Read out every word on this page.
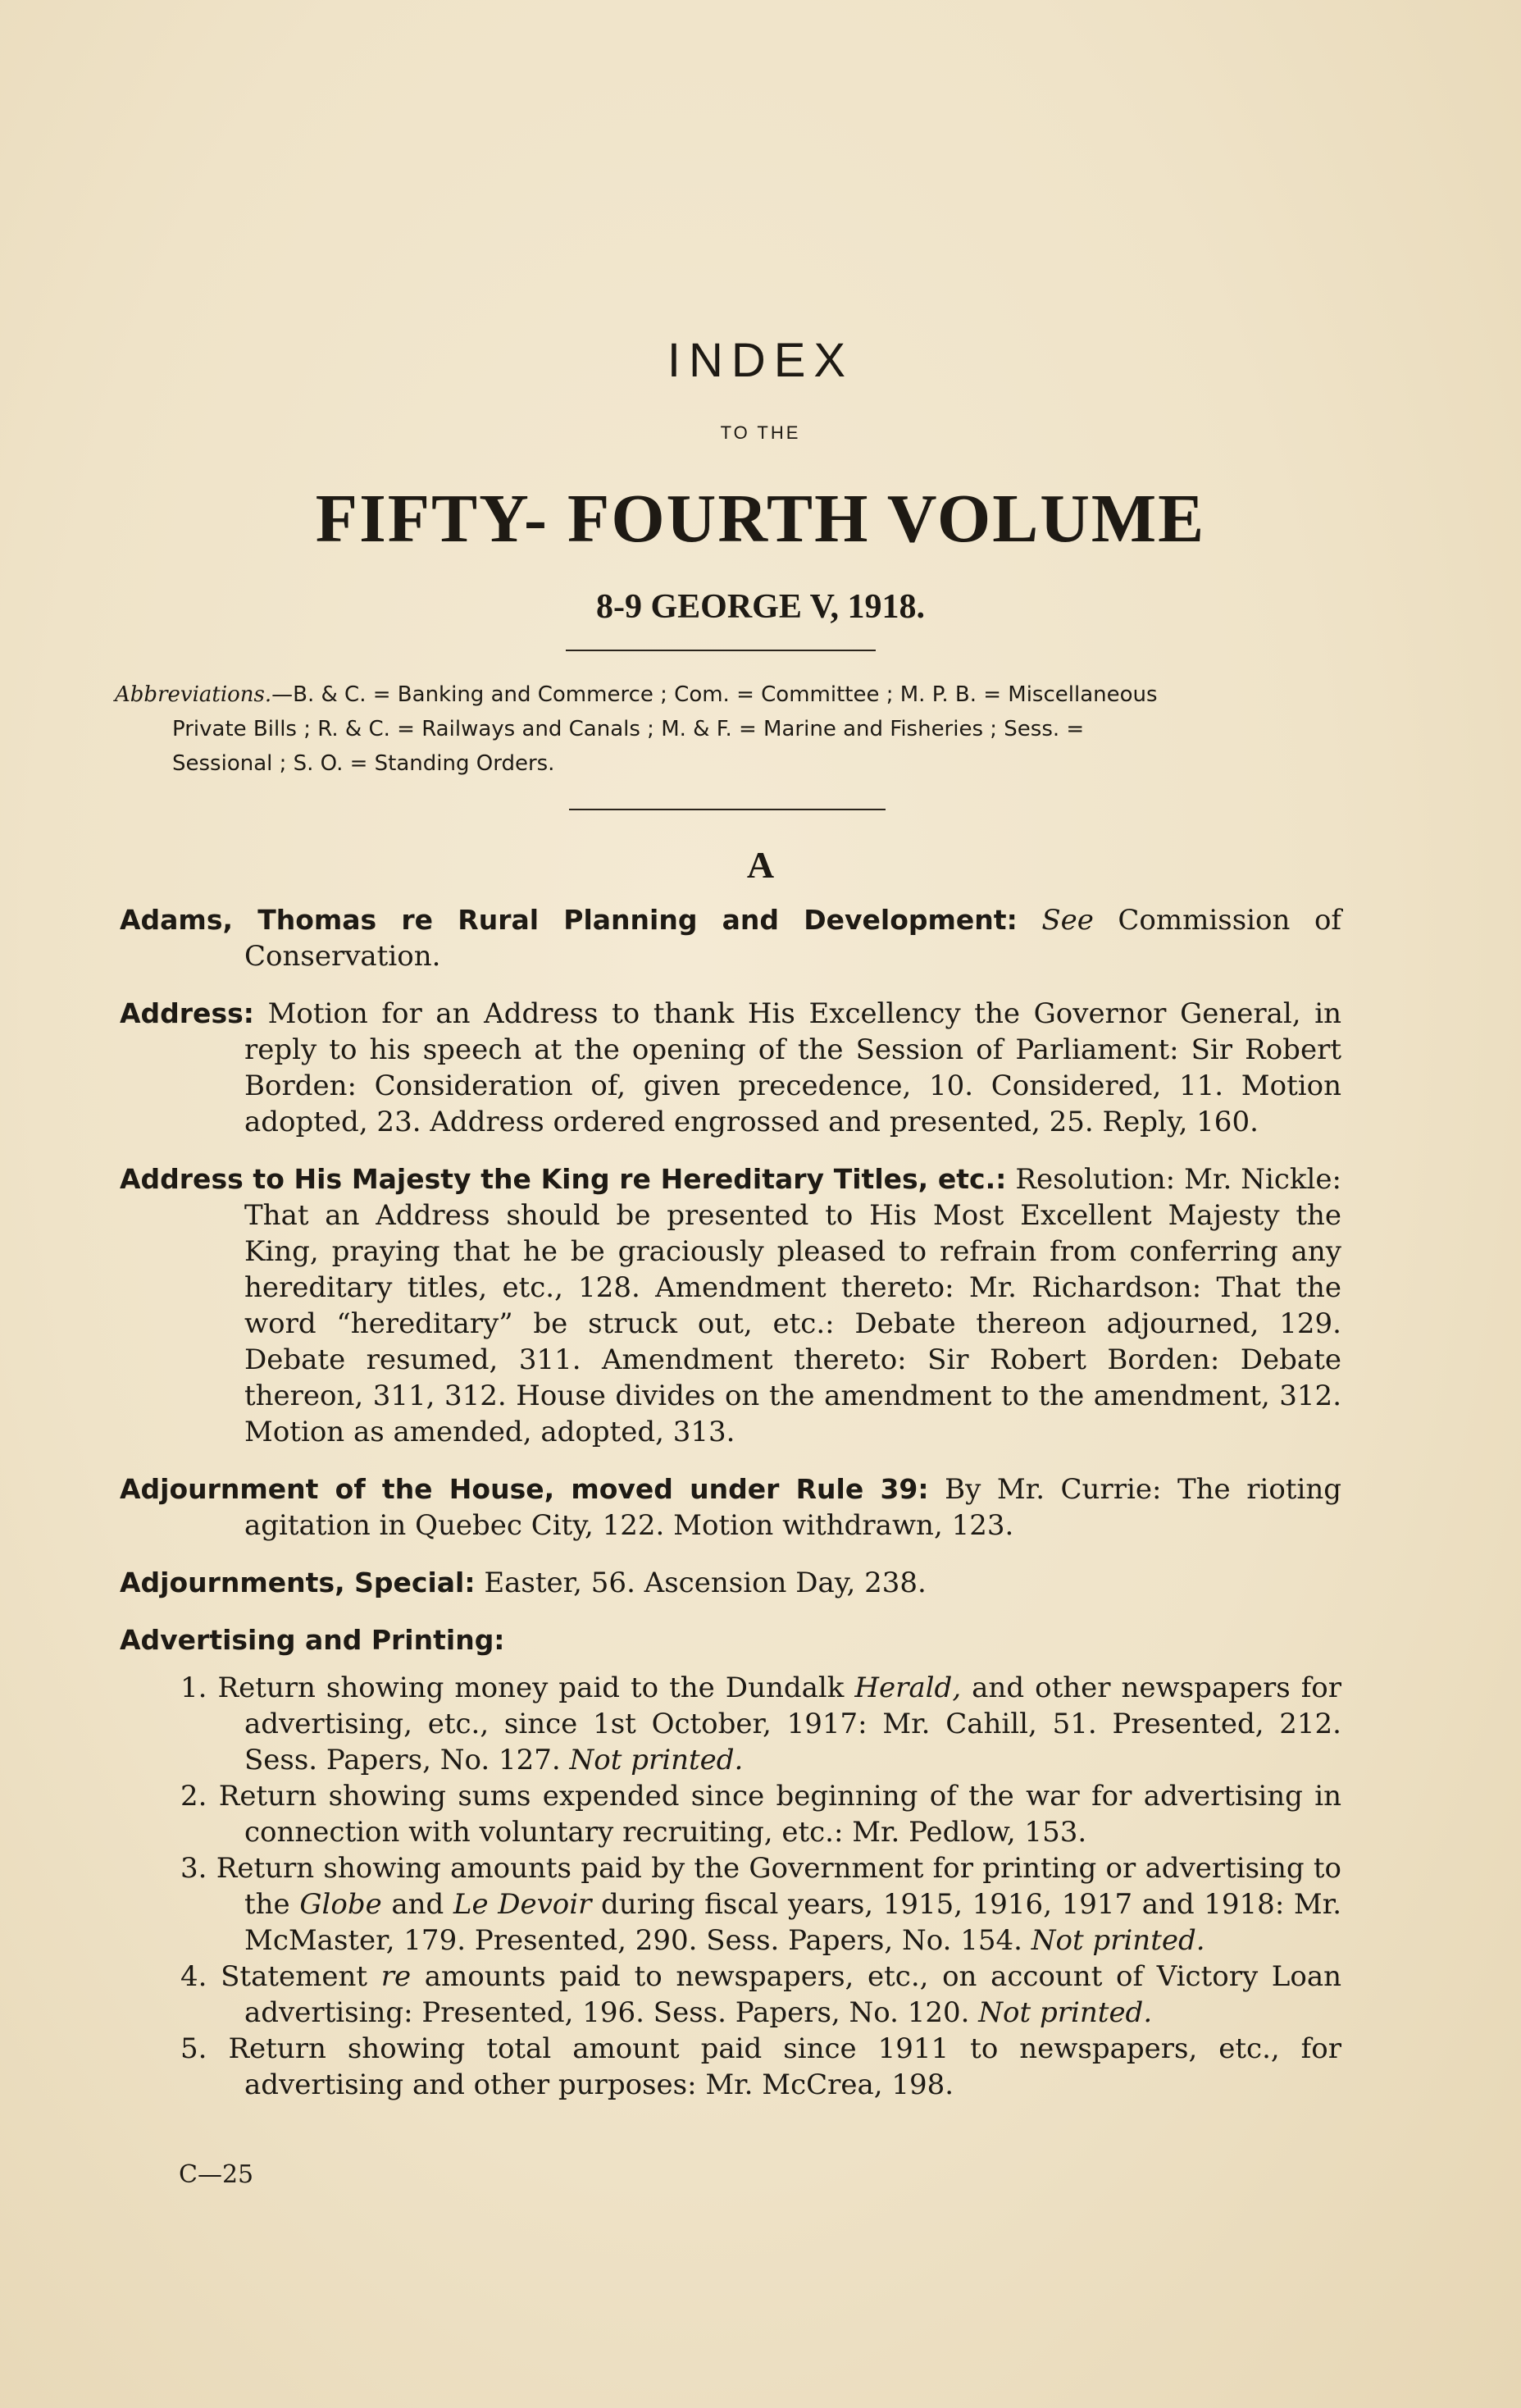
INDEX
TO THE
FIFTY- FOURTH VOLUME
8-9 GEORGE V, 1918.
Abbreviations.—B. & C. = Banking and Commerce ; Com. = Committee ; M. P. B. = Miscellaneous
Private Bills ; R. & C. = Railways and Canals ; M. & F. = Marine and Fisheries ; Sess. =
Sessional ; S. O. = Standing Orders.
A
Adams, Thomas re Rural Planning and Development: See Commission of Conservation.
Address: Motion for an Address to thank His Excellency the Governor General, in reply to his speech at the opening of the Session of Parliament: Sir Robert Borden: Consideration of, given precedence, 10. Considered, 11. Motion adopted, 23. Address ordered engrossed and presented, 25. Reply, 160.
Address to His Majesty the King re Hereditary Titles, etc.: Resolution: Mr. Nickle: That an Address should be presented to His Most Excellent Majesty the King, praying that he be graciously pleased to refrain from conferring any hereditary titles, etc., 128. Amendment thereto: Mr. Richardson: That the word “hereditary” be struck out, etc.: Debate thereon adjourned, 129. Debate resumed, 311. Amendment thereto: Sir Robert Borden: Debate thereon, 311, 312. House divides on the amendment to the amendment, 312. Motion as amended, adopted, 313.
Adjournment of the House, moved under Rule 39: By Mr. Currie: The rioting agitation in Quebec City, 122. Motion withdrawn, 123.
Adjournments, Special: Easter, 56. Ascension Day, 238.
Advertising and Printing:
1. Return showing money paid to the Dundalk Herald, and other newspapers for advertising, etc., since 1st October, 1917: Mr. Cahill, 51. Presented, 212. Sess. Papers, No. 127. Not printed.
2. Return showing sums expended since beginning of the war for advertising in connection with voluntary recruiting, etc.: Mr. Pedlow, 153.
3. Return showing amounts paid by the Government for printing or advertising to the Globe and Le Devoir during fiscal years, 1915, 1916, 1917 and 1918: Mr. McMaster, 179. Presented, 290. Sess. Papers, No. 154. Not printed.
4. Statement re amounts paid to newspapers, etc., on account of Victory Loan advertising: Presented, 196. Sess. Papers, No. 120. Not printed.
5. Return showing total amount paid since 1911 to newspapers, etc., for advertising and other purposes: Mr. McCrea, 198.
C—25
